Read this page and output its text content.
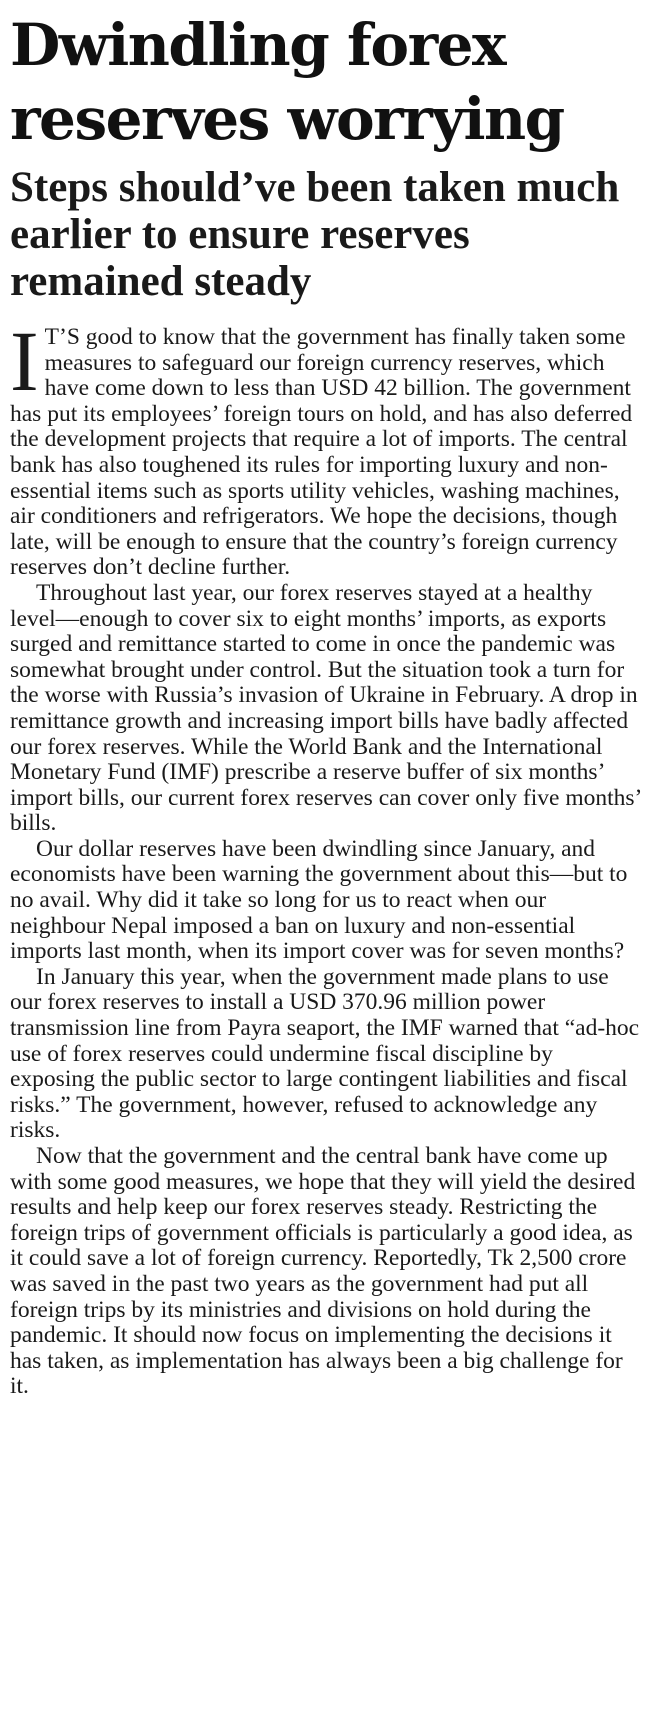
Dwindling forex reserves worrying
Steps should’ve been taken much earlier to ensure reserves remained steady

I T’S good to know that the government has finally taken some measures to safeguard our foreign currency reserves, which have come down to less than USD 42 billion. The government has put its employees’ foreign tours on hold, and has also deferred the development projects that require a lot of imports. The central bank has also toughened its rules for importing luxury and non-essential items such as sports utility vehicles, washing machines, air conditioners and refrigerators. We hope the decisions, though late, will be enough to ensure that the country’s foreign currency reserves don’t decline further.

Throughout last year, our forex reserves stayed at a healthy level—enough to cover six to eight months’ imports, as exports surged and remittance started to come in once the pandemic was somewhat brought under control. But the situation took a turn for the worse with Russia’s invasion of Ukraine in February. A drop in remittance growth and increasing import bills have badly affected our forex reserves. While the World Bank and the International Monetary Fund (IMF) prescribe a reserve buffer of six months’ import bills, our current forex reserves can cover only five months’ bills.

Our dollar reserves have been dwindling since January, and economists have been warning the government about this—but to no avail. Why did it take so long for us to react when our neighbour Nepal imposed a ban on luxury and non-essential imports last month, when its import cover was for seven months?

In January this year, when the government made plans to use our forex reserves to install a USD 370.96 million power transmission line from Payra seaport, the IMF warned that “ad-hoc use of forex reserves could undermine fiscal discipline by exposing the public sector to large contingent liabilities and fiscal risks.” The government, however, refused to acknowledge any risks.

Now that the government and the central bank have come up with some good measures, we hope that they will yield the desired results and help keep our forex reserves steady. Restricting the foreign trips of government officials is particularly a good idea, as it could save a lot of foreign currency. Reportedly, Tk 2,500 crore was saved in the past two years as the government had put all foreign trips by its ministries and divisions on hold during the pandemic. It should now focus on implementing the decisions it has taken, as implementation has always been a big challenge for it.
